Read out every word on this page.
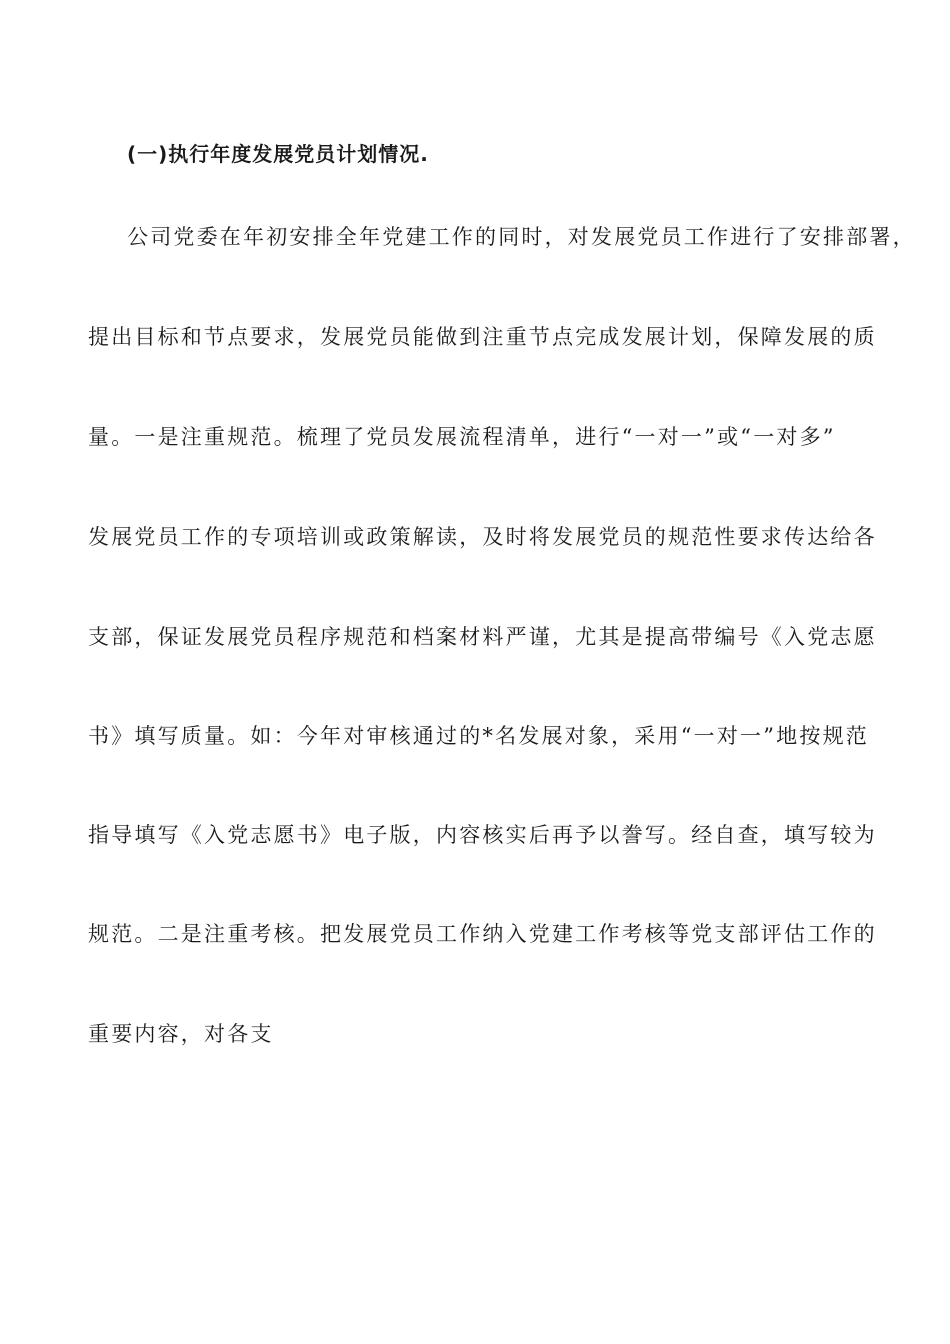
(一)执行年度发展党员计划情况.
公司党委在年初安排全年党建工作的同时，对发展党员工作进行了安排部署，
提出目标和节点要求，发展党员能做到注重节点完成发展计划，保障发展的质
量。一是注重规范。梳理了党员发展流程清单，进行“一对一”或“一对多”
发展党员工作的专项培训或政策解读，及时将发展党员的规范性要求传达给各
支部，保证发展党员程序规范和档案材料严谨，尤其是提高带编号《入党志愿
书》填写质量。如：今年对审核通过的*名发展对象，采用“一对一”地按规范
指导填写《入党志愿书》电子版，内容核实后再予以誊写。经自查，填写较为
规范。二是注重考核。把发展党员工作纳入党建工作考核等党支部评估工作的
重要内容，对各支
